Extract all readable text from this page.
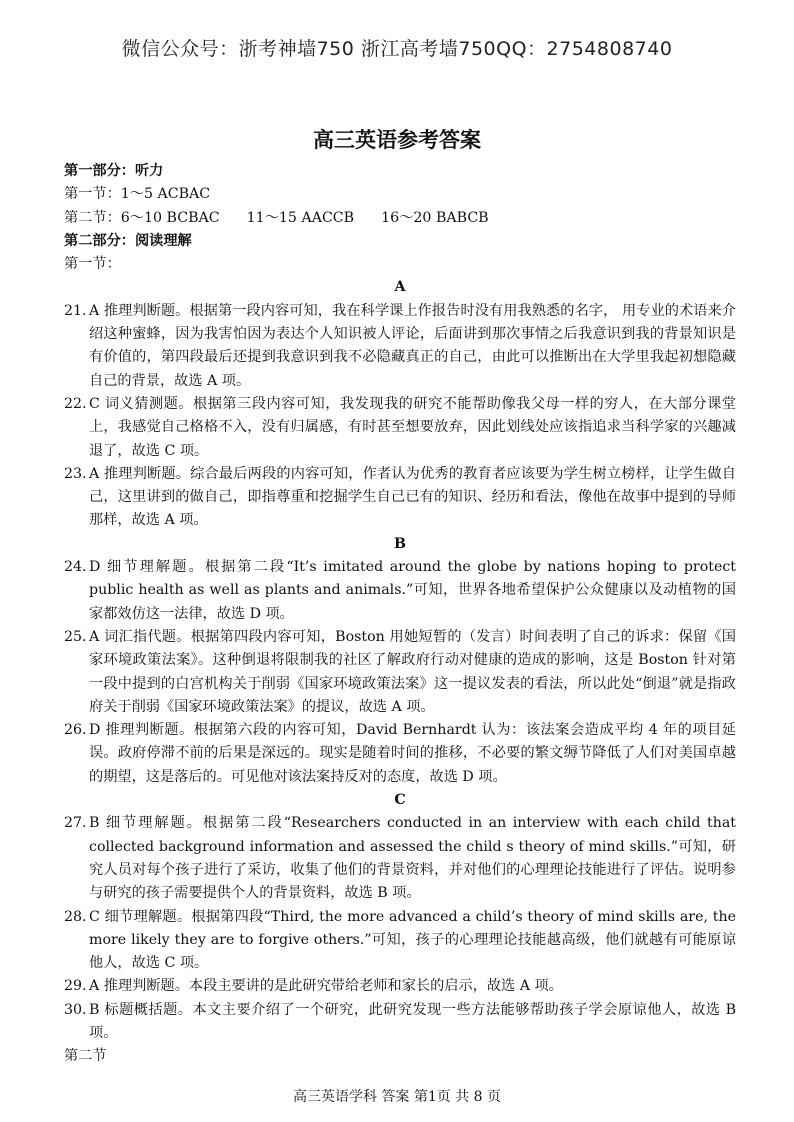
微信公众号：浙考神墙750 浙江高考墙750QQ：2754808740
高三英语参考答案
第一部分：听力
第一节：1～5 ACBAC
第二节：6～10 BCBAC      11～15 AACCB      16～20 BABCB
第二部分：阅读理解
第一节：
A
21. A 推理判断题。根据第一段内容可知，我在科学课上作报告时没有用我熟悉的名字， 用专业的术语来介绍这种蜜蜂，因为我害怕因为表达个人知识被人评论，后面讲到那次事情之后我意识到我的背景知识是有价值的，第四段最后还提到我意识到我不必隐藏真正的自己，由此可以推断出在大学里我起初想隐藏自己的背景，故选 A 项。
22. C 词义猜测题。根据第三段内容可知，我发现我的研究不能帮助像我父母一样的穷人，在大部分课堂上，我感觉自己格格不入，没有归属感，有时甚至想要放弃，因此划线处应该指追求当科学家的兴趣减退了，故选 C 项。
23. A 推理判断题。综合最后两段的内容可知，作者认为优秀的教育者应该要为学生树立榜样，让学生做自己，这里讲到的做自己，即指尊重和挖掘学生自己已有的知识、经历和看法，像他在故事中提到的导师那样，故选 A 项。
B
24. D 细节理解题。根据第二段“It’s imitated around the globe by nations hoping to protect public health as well as plants and animals.”可知，世界各地希望保护公众健康以及动植物的国家都效仿这一法律，故选 D 项。
25. A 词汇指代题。根据第四段内容可知，Boston 用她短暂的（发言）时间表明了自己的诉求：保留《国家环境政策法案》。这种倒退将限制我的社区了解政府行动对健康的造成的影响，这是 Boston 针对第一段中提到的白宫机构关于削弱《国家环境政策法案》这一提议发表的看法，所以此处“倒退”就是指政府关于削弱《国家环境政策法案》的提议，故选 A 项。
26. D 推理判断题。根据第六段的内容可知，David Bernhardt 认为：该法案会造成平均 4 年的项目延误。政府停滞不前的后果是深远的。现实是随着时间的推移，不必要的繁文缛节降低了人们对美国卓越的期望，这是落后的。可见他对该法案持反对的态度，故选 D 项。
C
27. B 细节理解题。根据第二段“Researchers conducted in an interview with each child that collected background information and assessed the child s theory of mind skills.”可知，研究人员对每个孩子进行了采访，收集了他们的背景资料，并对他们的心理理论技能进行了评估。说明参与研究的孩子需要提供个人的背景资料，故选 B 项。
28. C 细节理解题。根据第四段“Third, the more advanced a child’s theory of mind skills are, the more likely they are to forgive others.”可知，孩子的心理理论技能越高级，他们就越有可能原谅他人，故选 C 项。
29. A 推理判断题。本段主要讲的是此研究带给老师和家长的启示，故选 A 项。
30. B 标题概括题。本文主要介绍了一个研究，此研究发现一些方法能够帮助孩子学会原谅他人，故选 B 项。
第二节
高三英语学科 答案 第1页 共 8 页
